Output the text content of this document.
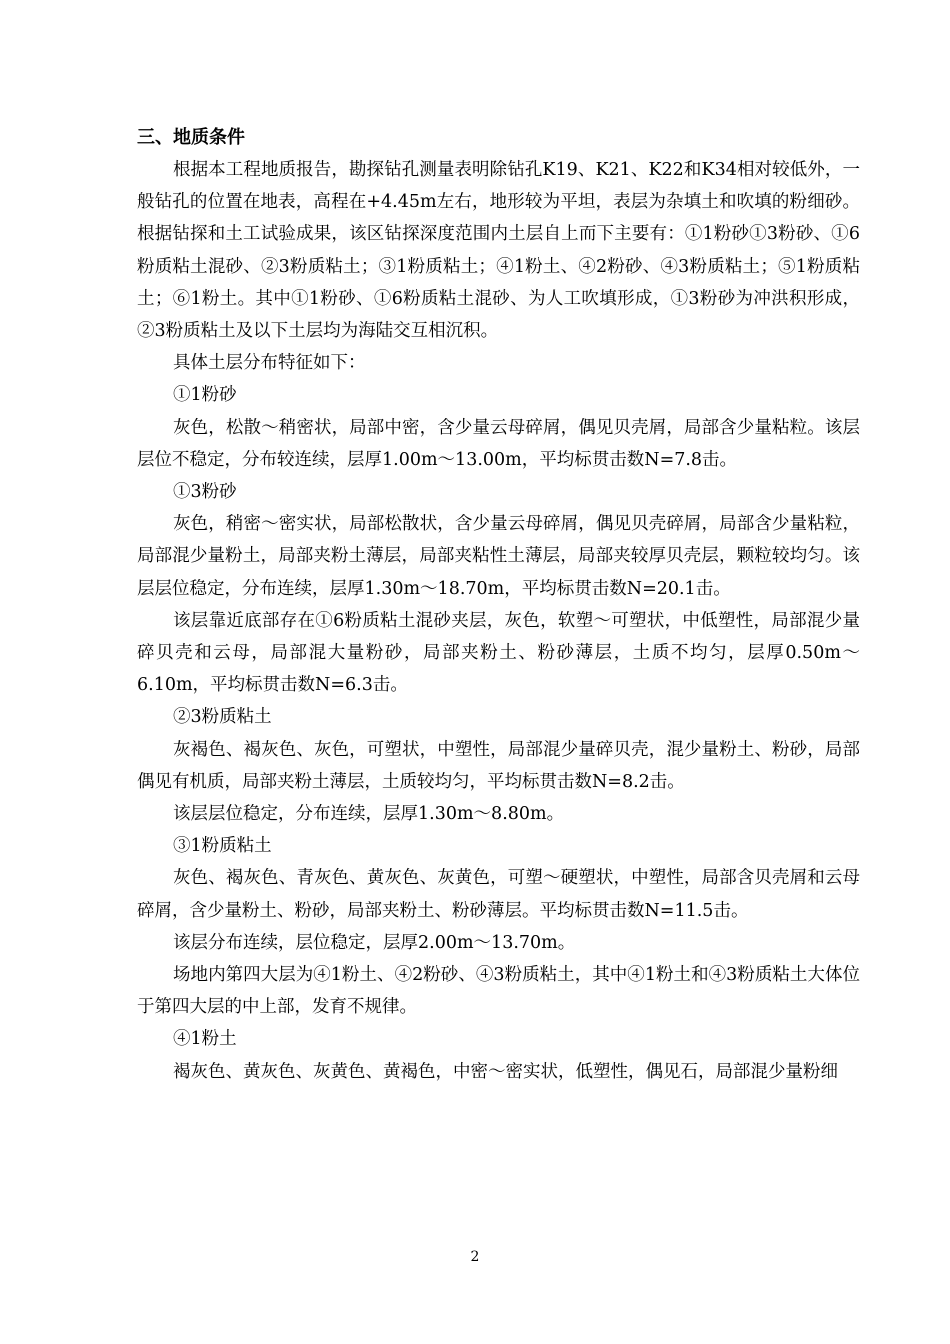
三、地质条件

根据本工程地质报告，勘探钻孔测量表明除钻孔K19、K21、K22和K34相对较低外，一般钻孔的位置在地表，高程在+4.45m左右，地形较为平坦，表层为杂填土和吹填的粉细砂。根据钻探和土工试验成果，该区钻探深度范围内土层自上而下主要有：①1粉砂①3粉砂、①6粉质粘土混砂、②3粉质粘土；③1粉质粘土；④1粉土、④2粉砂、④3粉质粘土；⑤1粉质粘土；⑥1粉土。其中①1粉砂、①6粉质粘土混砂、为人工吹填形成，①3粉砂为冲洪积形成，②3粉质粘土及以下土层均为海陆交互相沉积。

具体土层分布特征如下：

①1粉砂

灰色，松散～稍密状，局部中密，含少量云母碎屑，偶见贝壳屑，局部含少量粘粒。该层层位不稳定，分布较连续，层厚1.00m～13.00m，平均标贯击数N=7.8击。

①3粉砂

灰色，稍密～密实状，局部松散状，含少量云母碎屑，偶见贝壳碎屑，局部含少量粘粒，局部混少量粉土，局部夹粉土薄层，局部夹粘性土薄层，局部夹较厚贝壳层，颗粒较均匀。该层层位稳定，分布连续，层厚1.30m～18.70m，平均标贯击数N=20.1击。

该层靠近底部存在①6粉质粘土混砂夹层，灰色，软塑～可塑状，中低塑性，局部混少量碎贝壳和云母，局部混大量粉砂，局部夹粉土、粉砂薄层，土质不均匀，层厚0.50m～6.10m，平均标贯击数N=6.3击。

②3粉质粘土

灰褐色、褐灰色、灰色，可塑状，中塑性，局部混少量碎贝壳，混少量粉土、粉砂，局部偶见有机质，局部夹粉土薄层，土质较均匀，平均标贯击数N=8.2击。

该层层位稳定，分布连续，层厚1.30m～8.80m。

③1粉质粘土

灰色、褐灰色、青灰色、黄灰色、灰黄色，可塑～硬塑状，中塑性，局部含贝壳屑和云母碎屑，含少量粉土、粉砂，局部夹粉土、粉砂薄层。平均标贯击数N=11.5击。

该层分布连续，层位稳定，层厚2.00m～13.70m。

场地内第四大层为④1粉土、④2粉砂、④3粉质粘土，其中④1粉土和④3粉质粘土大体位于第四大层的中上部，发育不规律。

④1粉土

褐灰色、黄灰色、灰黄色、黄褐色，中密～密实状，低塑性，偶见石，局部混少量粉细

2
